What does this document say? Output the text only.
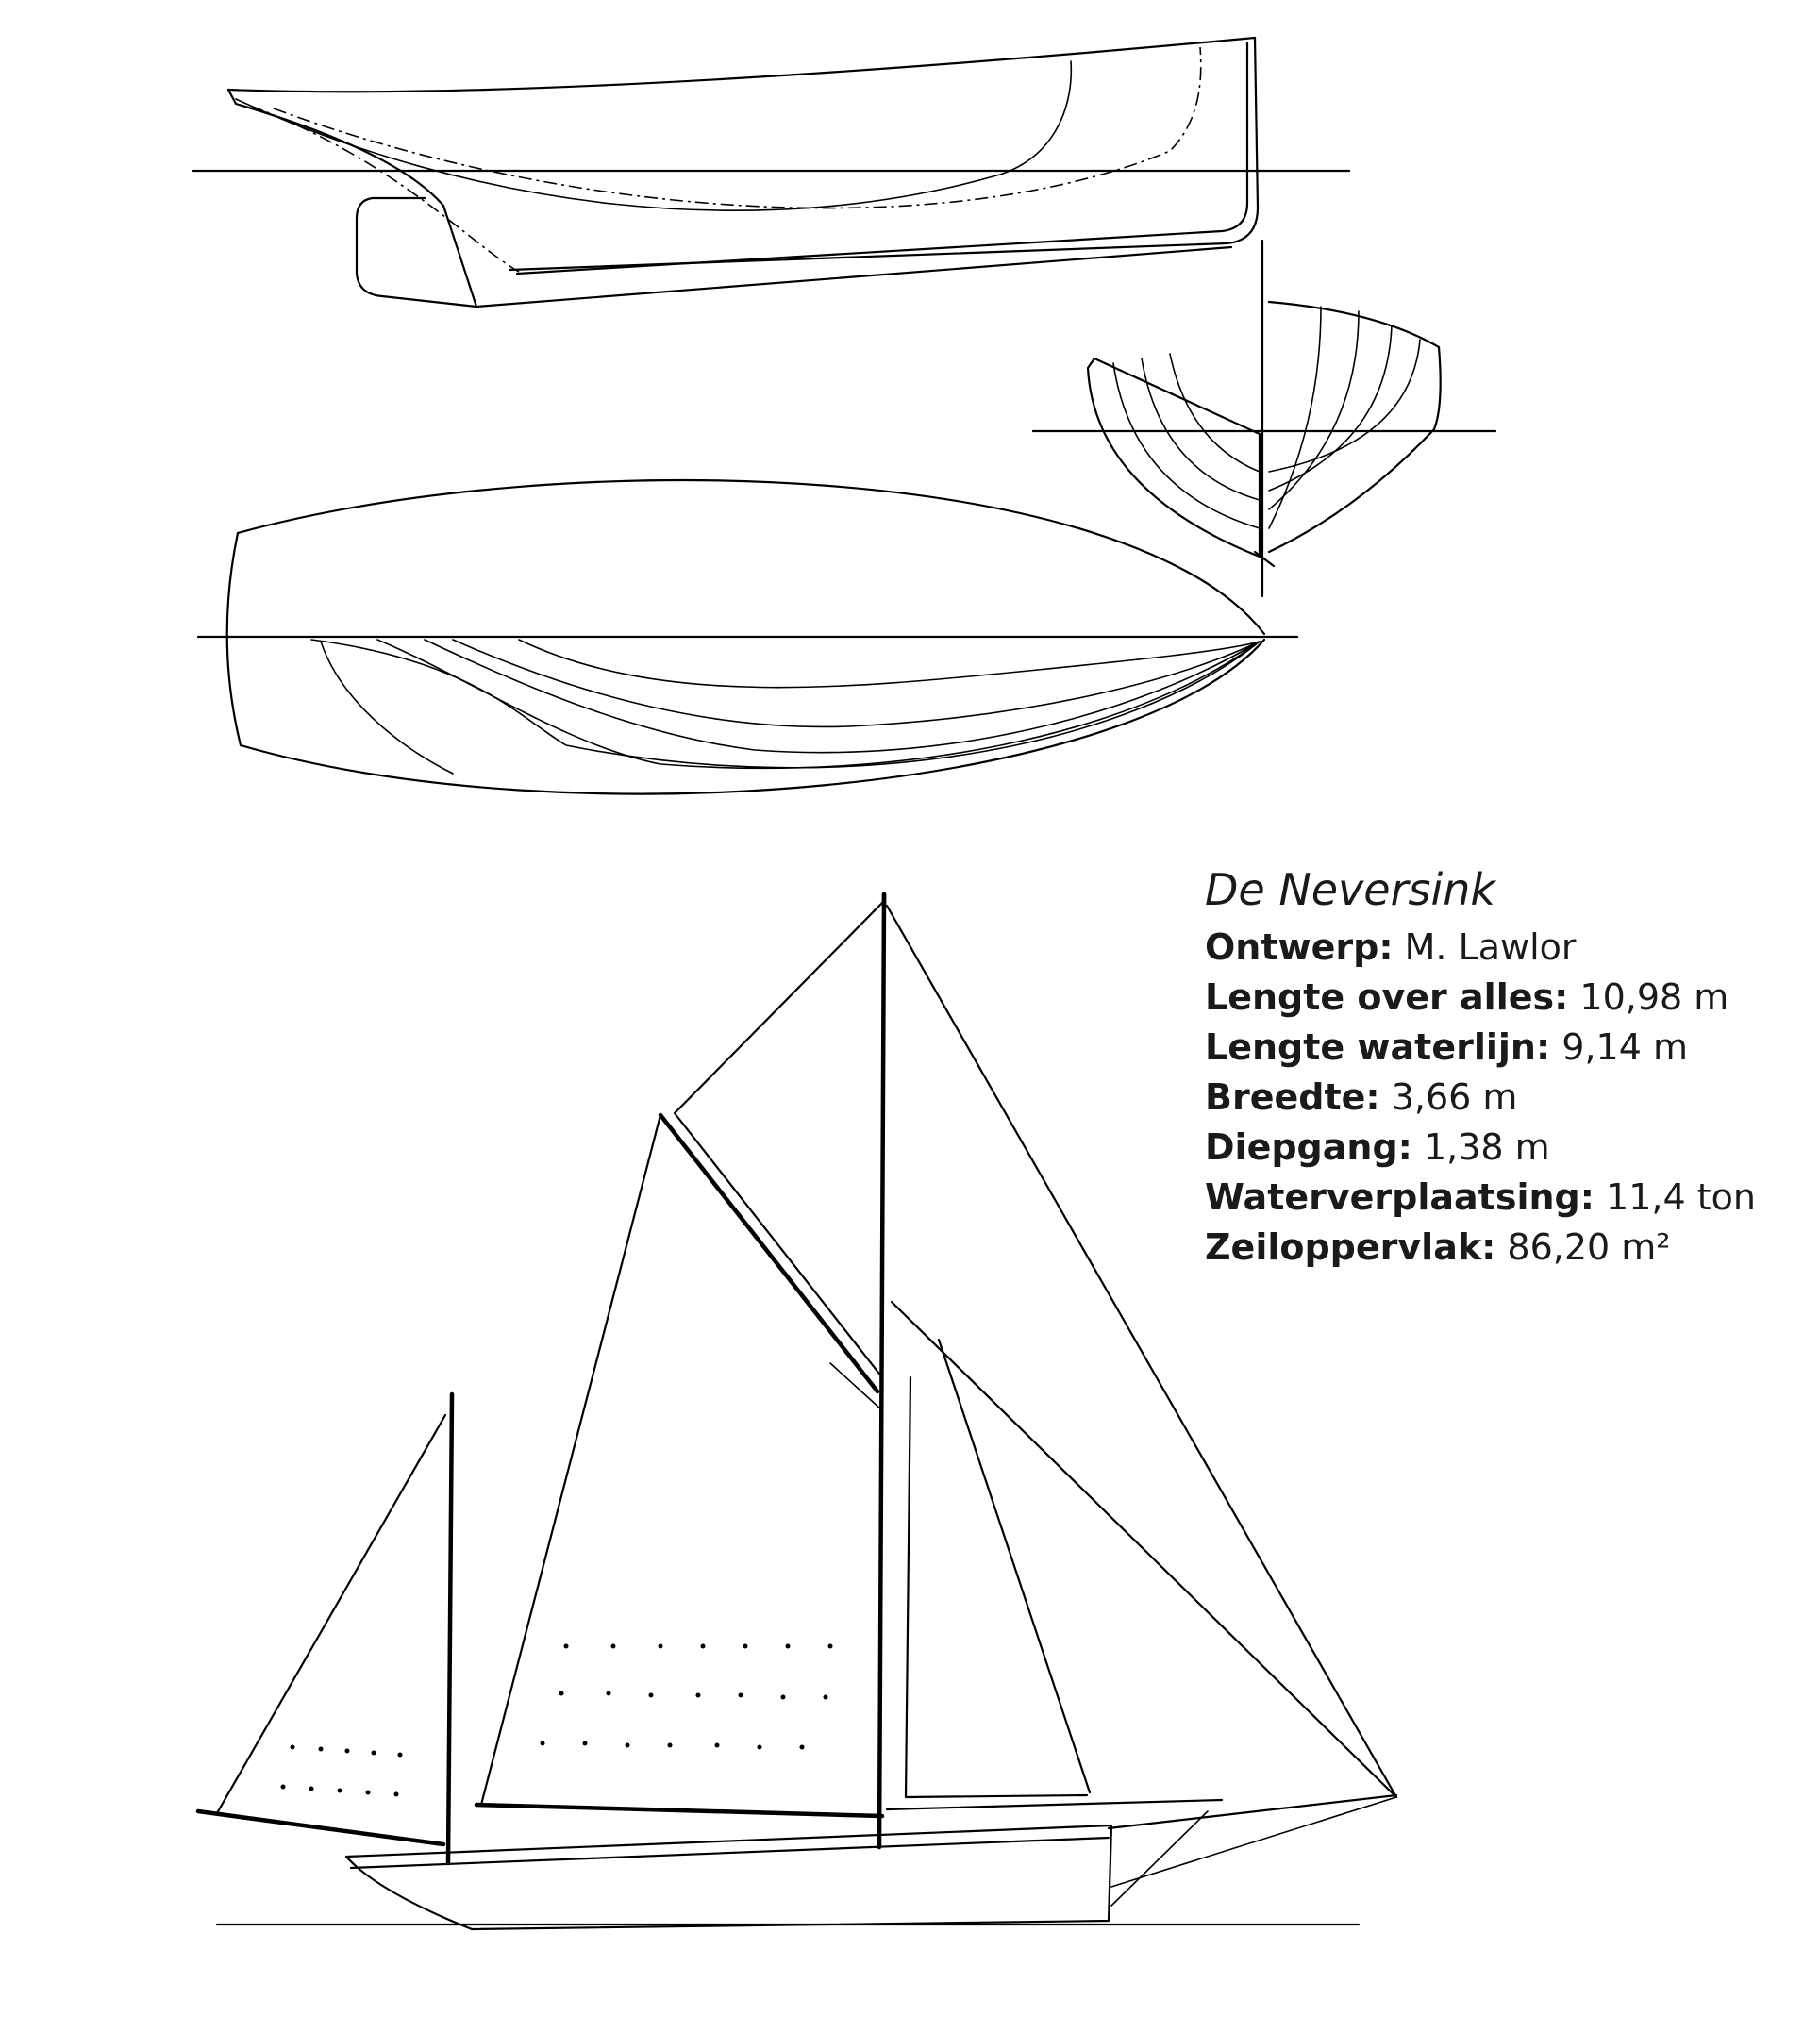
De Neversink
Ontwerp: M. Lawlor
Lengte over alles: 10,98 m
Lengte waterlijn: 9,14 m
Breedte: 3,66 m
Diepgang: 1,38 m
Waterverplaatsing: 11,4 ton
Zeiloppervlak: 86,20 m²
